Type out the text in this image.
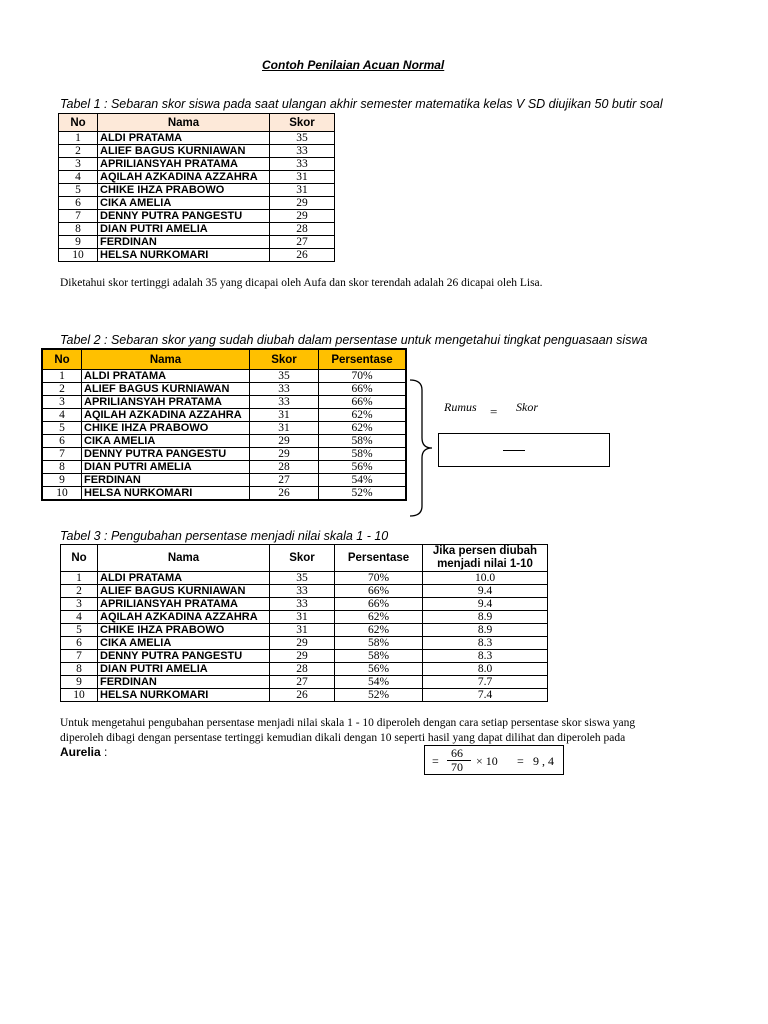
Contoh Penilaian Acuan Normal
Tabel 1 : Sebaran skor siswa pada saat ulangan akhir semester matematika kelas V SD diujikan 50 butir soal
No	Nama	Skor
1	ALDI PRATAMA	35
2	ALIEF BAGUS KURNIAWAN	33
3	APRILIANSYAH PRATAMA	33
4	AQILAH AZKADINA AZZAHRA	31
5	CHIKE IHZA PRABOWO	31
6	CIKA AMELIA	29
7	DENNY PUTRA PANGESTU	29
8	DIAN PUTRI AMELIA	28
9	FERDINAN	27
10	HELSA NURKOMARI	26
Diketahui skor tertinggi adalah 35 yang dicapai oleh Aufa dan skor terendah adalah 26 dicapai oleh Lisa.
Tabel 2 : Sebaran skor yang sudah diubah dalam persentase untuk mengetahui tingkat penguasaan siswa
No	Nama	Skor	Persentase
1	ALDI PRATAMA	35	70%
2	ALIEF BAGUS KURNIAWAN	33	66%
3	APRILIANSYAH PRATAMA	33	66%
4	AQILAH AZKADINA AZZAHRA	31	62%
5	CHIKE IHZA PRABOWO	31	62%
6	CIKA AMELIA	29	58%
7	DENNY PUTRA PANGESTU	29	58%
8	DIAN PUTRI AMELIA	28	56%
9	FERDINAN	27	54%
10	HELSA NURKOMARI	26	52%
Rumus = Skor
Tabel 3 : Pengubahan persentase menjadi nilai skala 1 - 10
No	Nama	Skor	Persentase	Jika persen diubah menjadi nilai 1-10
1	ALDI PRATAMA	35	70%	10.0
2	ALIEF BAGUS KURNIAWAN	33	66%	9.4
3	APRILIANSYAH PRATAMA	33	66%	9.4
4	AQILAH AZKADINA AZZAHRA	31	62%	8.9
5	CHIKE IHZA PRABOWO	31	62%	8.9
6	CIKA AMELIA	29	58%	8.3
7	DENNY PUTRA PANGESTU	29	58%	8.3
8	DIAN PUTRI AMELIA	28	56%	8.0
9	FERDINAN	27	54%	7.7
10	HELSA NURKOMARI	26	52%	7.4
Untuk mengetahui pengubahan persentase menjadi nilai skala 1 - 10 diperoleh dengan cara setiap persentase skor siswa yang
diperoleh dibagi dengan persentase tertinggi kemudian dikali dengan 10 seperti hasil yang dapat dilihat dan diperoleh pada
Aurelia :
=
66
70 × 10 = 9 , 4
